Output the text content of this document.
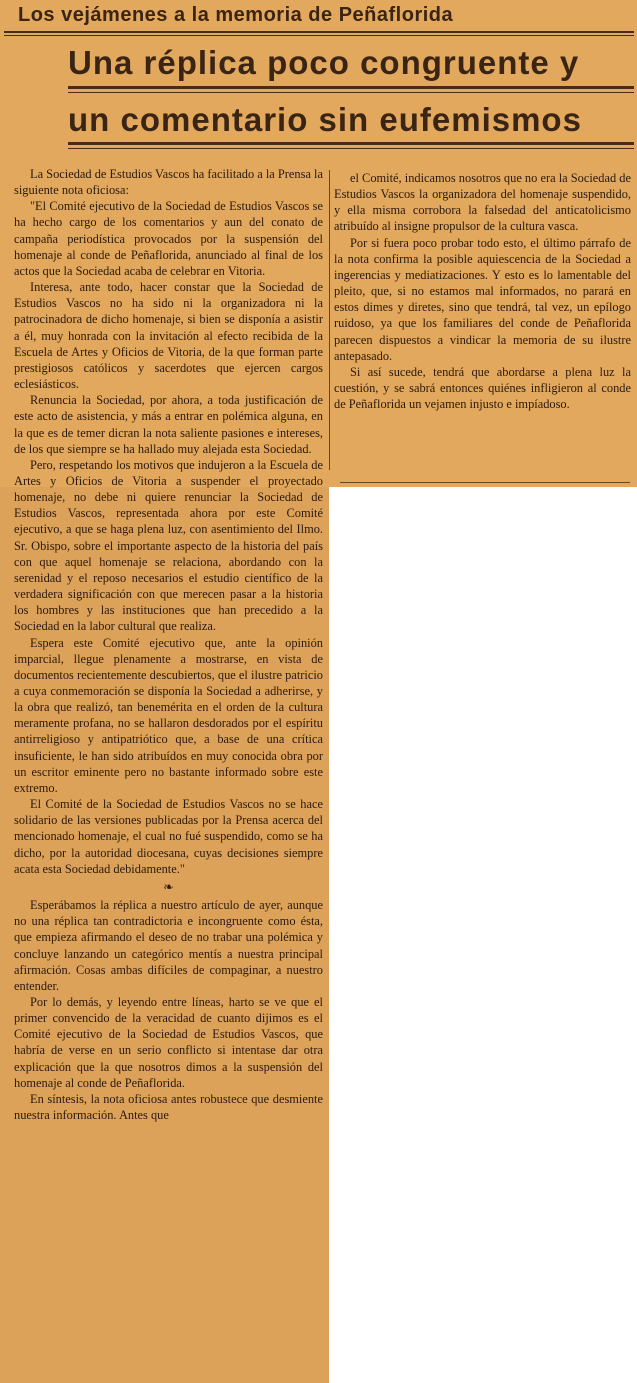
Los vejámenes a la memoria de Peñaflorida
Una réplica poco congruente y
un comentario sin eufemismos

La Sociedad de Estudios Vascos ha facilitado a la Prensa la siguiente nota oficiosa:

"El Comité ejecutivo de la Sociedad de Estudios Vascos se ha hecho cargo de los comentarios y aun del conato de campaña periodística provocados por la suspensión del homenaje al conde de Peñaflorida, anunciado al final de los actos que la Sociedad acaba de celebrar en Vitoria.

Interesa, ante todo, hacer constar que la Sociedad de Estudios Vascos no ha sido ni la organizadora ni la patrocinadora de dicho homenaje, si bien se disponía a asistir a él, muy honrada con la invitación al efecto recibida de la Escuela de Artes y Oficios de Vitoria, de la que forman parte prestigiosos católicos y sacerdotes que ejercen cargos eclesiásticos.

Renuncia la Sociedad, por ahora, a toda justificación de este acto de asistencia, y más a entrar en polémica alguna, en la que es de temer dicran la nota saliente pasiones e intereses, de los que siempre se ha hallado muy alejada esta Sociedad.

Pero, respetando los motivos que indujeron a la Escuela de Artes y Oficios de Vitoria a suspender el proyectado homenaje, no debe ni quiere renunciar la Sociedad de Estudios Vascos, representada ahora por este Comité ejecutivo, a que se haga plena luz, con asentimiento del Ilmo. Sr. Obispo, sobre el importante aspecto de la historia del país con que aquel homenaje se relaciona, abordando con la serenidad y el reposo necesarios el estudio científico de la verdadera significación con que merecen pasar a la historia los hombres y las instituciones que han precedido a la Sociedad en la labor cultural que realiza.

Espera este Comité ejecutivo que, ante la opinión imparcial, llegue plenamente a mostrarse, en vista de documentos recientemente descubiertos, que el ilustre patricio a cuya conmemoración se disponía la Sociedad a adherirse, y la obra que realizó, tan benemérita en el orden de la cultura meramente profana, no se hallaron desdorados por el espíritu antirreligioso y antipatriótico que, a base de una crítica insuficiente, le han sido atribuídos en muy conocida obra por un escritor eminente pero no bastante informado sobre este extremo.

El Comité de la Sociedad de Estudios Vascos no se hace solidario de las versiones publicadas por la Prensa acerca del mencionado homenaje, el cual no fué suspendido, como se ha dicho, por la autoridad diocesana, cuyas decisiones siempre acata esta Sociedad debidamente."

❧

Esperábamos la réplica a nuestro artículo de ayer, aunque no una réplica tan contradictoria e incongruente como ésta, que empieza afirmando el deseo de no trabar una polémica y concluye lanzando un categórico mentís a nuestra principal afirmación. Cosas ambas difíciles de compaginar, a nuestro entender.

Por lo demás, y leyendo entre líneas, harto se ve que el primer convencido de la veracidad de cuanto dijimos es el Comité ejecutivo de la Sociedad de Estudios Vascos, que habría de verse en un serio conflicto si intentase dar otra explicación que la que nosotros dimos a la suspensión del homenaje al conde de Peñaflorida.

En síntesis, la nota oficiosa antes robustece que desmiente nuestra información. Antes que

el Comité, indicamos nosotros que no era la Sociedad de Estudios Vascos la organizadora del homenaje suspendido, y ella misma corrobora la falsedad del anticatolicismo atribuído al insigne propulsor de la cultura vasca.

Por si fuera poco probar todo esto, el último párrafo de la nota confirma la posible aquiescencia de la Sociedad a ingerencias y mediatizaciones. Y esto es lo lamentable del pleito, que, si no estamos mal informados, no parará en estos dimes y diretes, sino que tendrá, tal vez, un epílogo ruidoso, ya que los familiares del conde de Peñaflorida parecen dispuestos a vindicar la memoria de su ilustre antepasado.

Si así sucede, tendrá que abordarse a plena luz la cuestión, y se sabrá entonces quiénes infligieron al conde de Peñaflorida un vejamen injusto e impíadoso.
